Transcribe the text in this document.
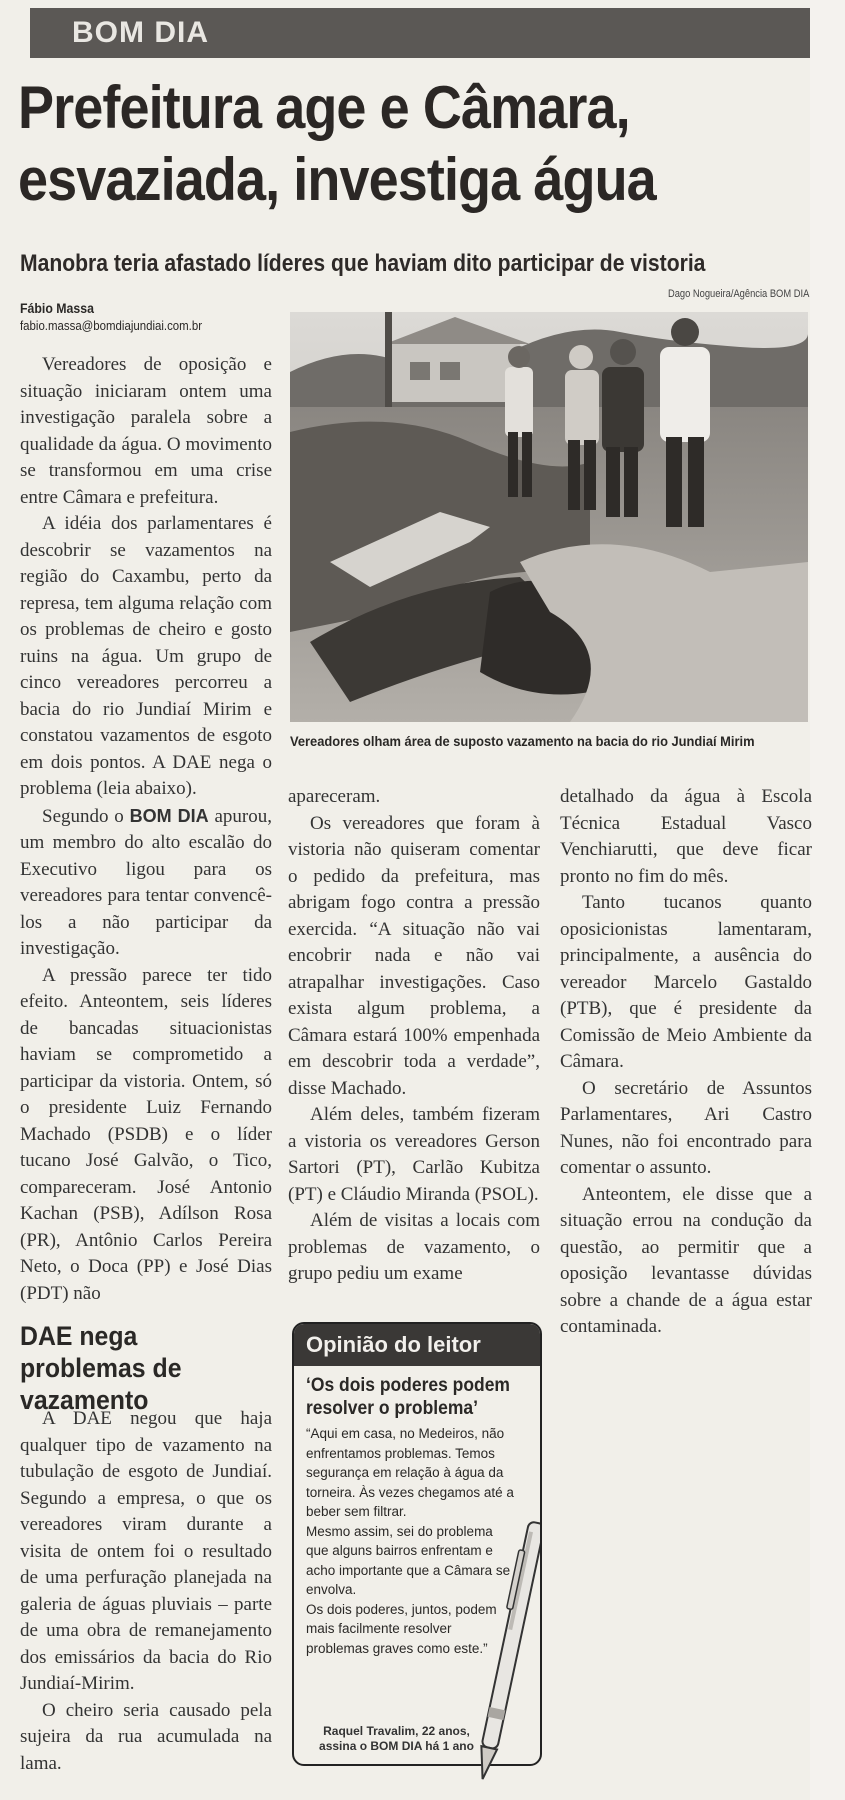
BOM DIA
Prefeitura age e Câmara,
esvaziada, investiga água
Manobra teria afastado líderes que haviam dito participar de vistoria
Dago Nogueira/Agência BOM DIA
Fábio Massa
fabio.massa@bomdiajundiai.com.br
Vereadores olham área de suposto vazamento na bacia do rio Jundiaí Mirim

Vereadores de oposição e situação iniciaram ontem uma investigação paralela sobre a qualidade da água. O movimento se transformou em uma crise entre Câmara e prefeitura.

A idéia dos parlamentares é descobrir se vazamentos na região do Caxambu, perto da represa, tem alguma relação com os problemas de cheiro e gosto ruins na água. Um grupo de cinco vereadores percorreu a bacia do rio Jundiaí Mirim e constatou vazamentos de esgoto em dois pontos. A DAE nega o problema (leia abaixo).

Segundo o BOM DIA apurou, um membro do alto escalão do Executivo ligou para os vereadores para tentar convencê-los a não participar da investigação.

A pressão parece ter tido efeito. Anteontem, seis líderes de bancadas situacionistas haviam se comprometido a participar da vistoria. Ontem, só o presidente Luiz Fernando Machado (PSDB) e o líder tucano José Galvão, o Tico, compareceram. José Antonio Kachan (PSB), Adílson Rosa (PR), Antônio Carlos Pereira Neto, o Doca (PP) e José Dias (PDT) não

apareceram.

Os vereadores que foram à vistoria não quiseram comentar o pedido da prefeitura, mas abrigam fogo contra a pressão exercida. “A situação não vai encobrir nada e não vai atrapalhar investigações. Caso exista algum problema, a Câmara estará 100% empenhada em descobrir toda a verdade”, disse Machado.

Além deles, também fizeram a vistoria os vereadores Gerson Sartori (PT), Carlão Kubitza (PT) e Cláudio Miranda (PSOL).

Além de visitas a locais com problemas de vazamento, o grupo pediu um exame

detalhado da água à Escola Técnica Estadual Vasco Venchiarutti, que deve ficar pronto no fim do mês.

Tanto tucanos quanto oposicionistas lamentaram, principalmente, a ausência do vereador Marcelo Gastaldo (PTB), que é presidente da Comissão de Meio Ambiente da Câmara.

O secretário de Assuntos Parlamentares, Ari Castro Nunes, não foi encontrado para comentar o assunto.

Anteontem, ele disse que a situação errou na condução da questão, ao permitir que a oposição levantasse dúvidas sobre a chande de a água estar contaminada.

DAE nega problemas de vazamento

A DAE negou que haja qualquer tipo de vazamento na tubulação de esgoto de Jundiaí. Segundo a empresa, o que os vereadores viram durante a visita de ontem foi o resultado de uma perfuração planejada na galeria de águas pluviais – parte de uma obra de remanejamento dos emissários da bacia do Rio Jundiaí-Mirim.

O cheiro seria causado pela sujeira da rua acumulada na lama.

Opinião do leitor
‘Os dois poderes podem resolver o problema’

“Aqui em casa, no Medeiros, não enfrentamos problemas. Temos segurança em relação à água da torneira. Às vezes chegamos até a beber sem filtrar.

Mesmo assim, sei do problema que alguns bairros enfrentam e acho importante que a Câmara se envolva.

Os dois poderes, juntos, podem mais facilmente resolver problemas graves como este.”

Raquel Travalim, 22 anos,
assina o BOM DIA há 1 ano
